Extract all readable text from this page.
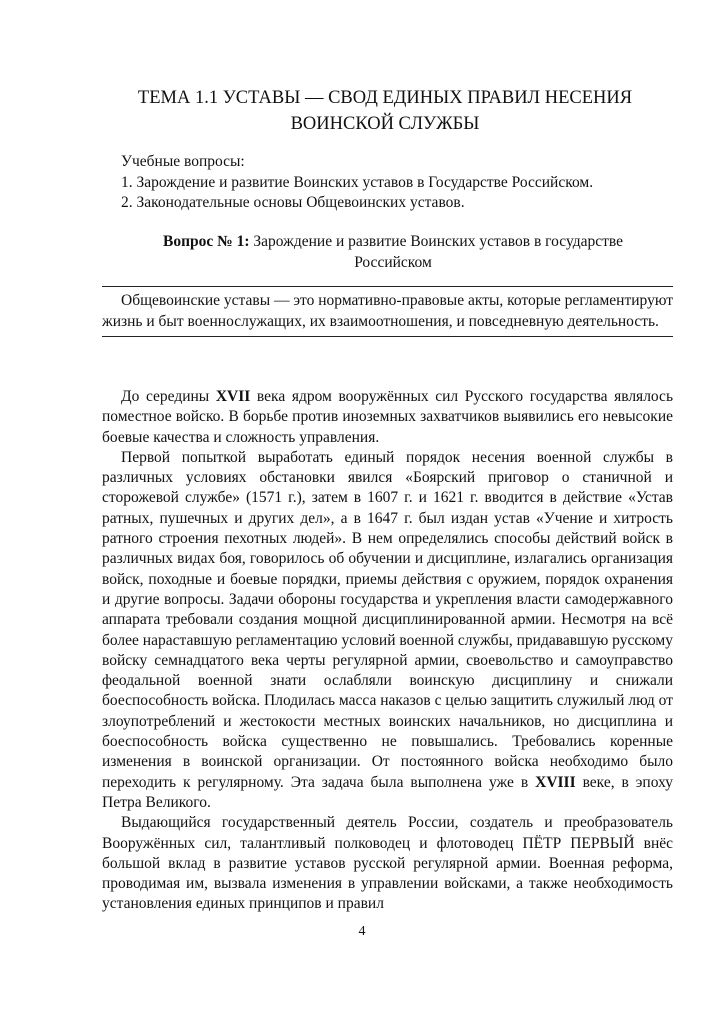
ТЕМА 1.1 УСТАВЫ — СВОД ЕДИНЫХ ПРАВИЛ НЕСЕНИЯ
ВОИНСКОЙ СЛУЖБЫ
Учебные вопросы:
1. Зарождение и развитие Воинских уставов в Государстве Российском.
2. Законодательные основы Общевоинских уставов.
Вопрос № 1: Зарождение и развитие Воинских уставов в государстве Российском

Общевоинские уставы — это нормативно-правовые акты, которые регламентируют жизнь и быт военнослужащих, их взаимоотношения, и повседневную деятельность.

До середины XVII века ядром вооружённых сил Русского государства являлось поместное войско. В борьбе против иноземных захватчиков выявились его невысокие боевые качества и сложность управления.

Первой попыткой выработать единый порядок несения военной службы в различных условиях обстановки явился «Боярский приговор о станичной и сторожевой службе» (1571 г.), затем в 1607 г. и 1621 г. вводится в действие «Устав ратных, пушечных и других дел», а в 1647 г. был издан устав «Учение и хитрость ратного строения пехотных людей». В нем определялись способы действий войск в различных видах боя, говорилось об обучении и дисциплине, излагались организация войск, походные и боевые порядки, приемы действия с оружием, порядок охранения и другие вопросы. Задачи обороны государства и укрепления власти самодержавного аппарата требовали создания мощной дисциплинированной армии. Несмотря на всё более нараставшую регламентацию условий военной службы, придававшую русскому войску семнадцатого века черты регулярной армии, своевольство и самоуправство феодальной военной знати ослабляли воинскую дисциплину и снижали боеспособность войска. Плодилась масса наказов с целью защитить служилый люд от злоупотреблений и жестокости местных воинских начальников, но дисциплина и боеспособность войска существенно не повышались. Требовались коренные изменения в воинской организации. От постоянного войска необходимо было переходить к регулярному. Эта задача была выполнена уже в XVIII веке, в эпоху Петра Великого.

Выдающийся государственный деятель России, создатель и преобразователь Вооружённых сил, талантливый полководец и флотоводец ПЁТР ПЕРВЫЙ внёс большой вклад в развитие уставов русской регулярной армии. Военная реформа, проводимая им, вызвала изменения в управлении войсками, а также необходимость установления единых принципов и правил

4
